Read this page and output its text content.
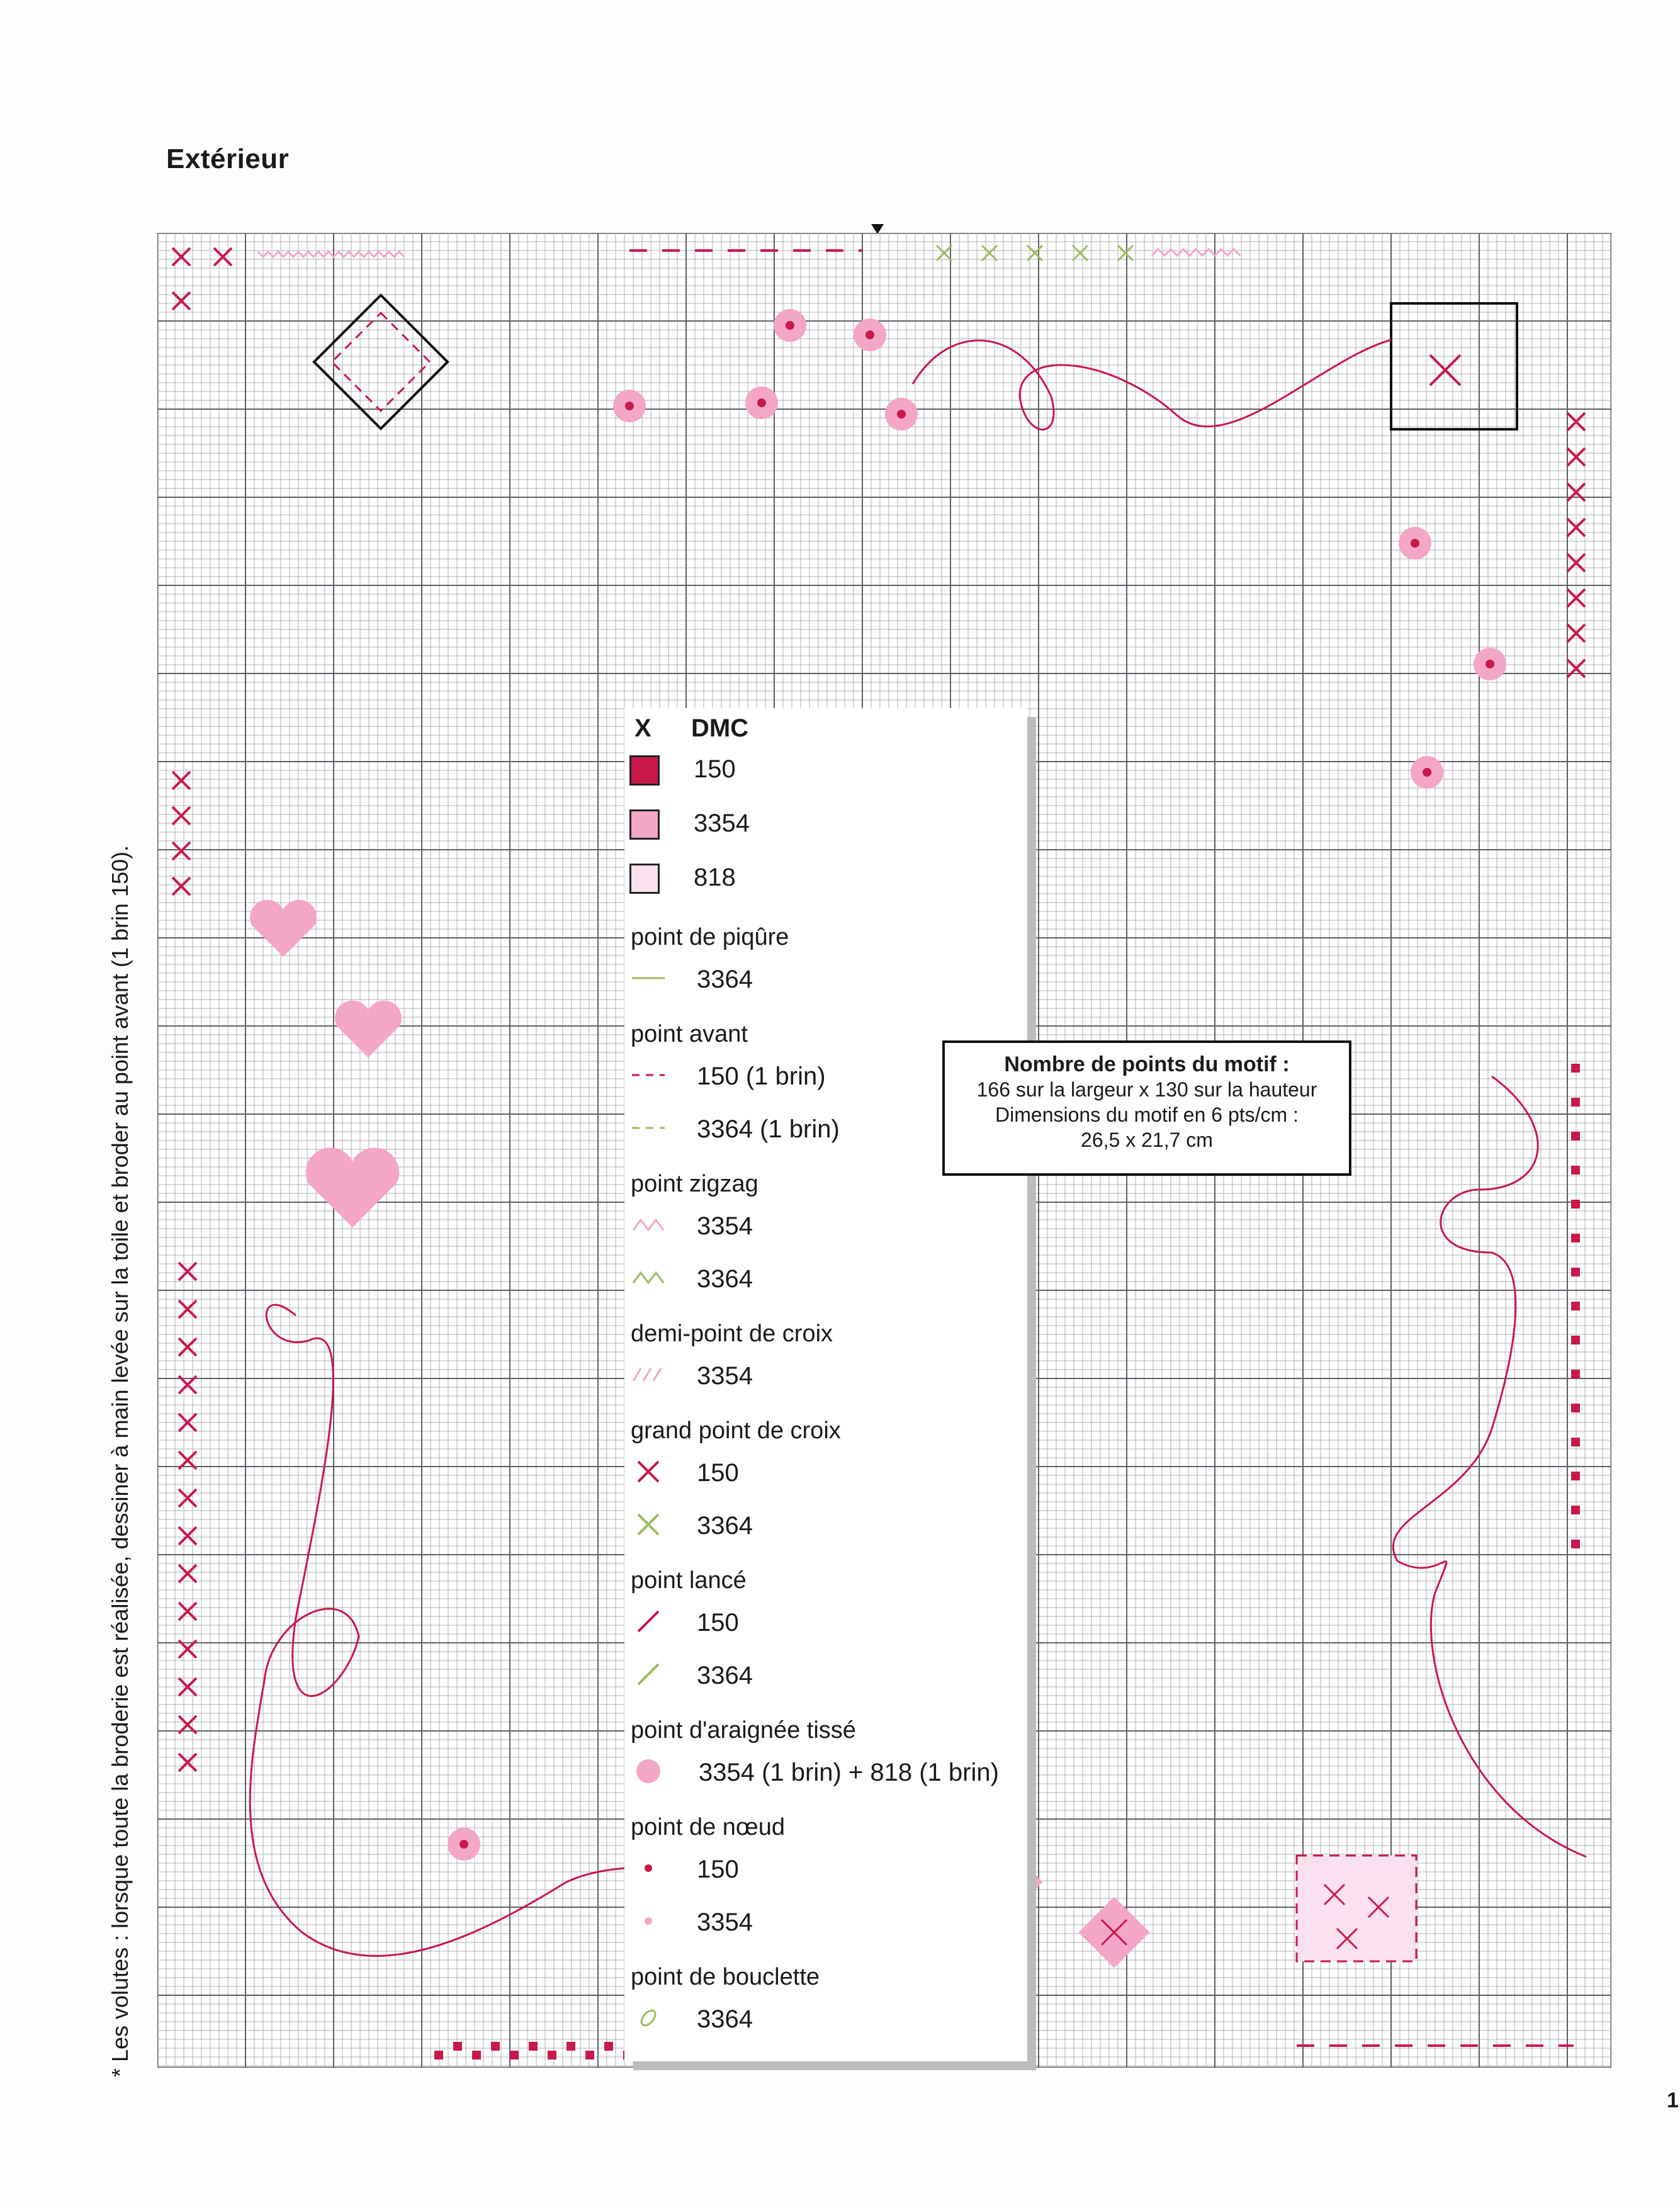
Extérieur
X DMC
150
3354
818
point de piqûre
3364
point avant
150 (1 brin)
3364 (1 brin)
point zigzag
3354
3364
demi-point de croix
3354
grand point de croix
150
3364
point lancé
150
3364
point d'araignée tissé
3354 (1 brin) + 818 (1 brin)
point de nœud
150
3354
point de bouclette
3364
Nombre de points du motif :
166 sur la largeur x 130 sur la hauteur
Dimensions du motif en 6 pts/cm :
26,5 x 21,7 cm
* Les volutes : lorsque toute la broderie est réalisée, dessiner à main levée sur la toile et broder au point avant (1 brin 150).
1
